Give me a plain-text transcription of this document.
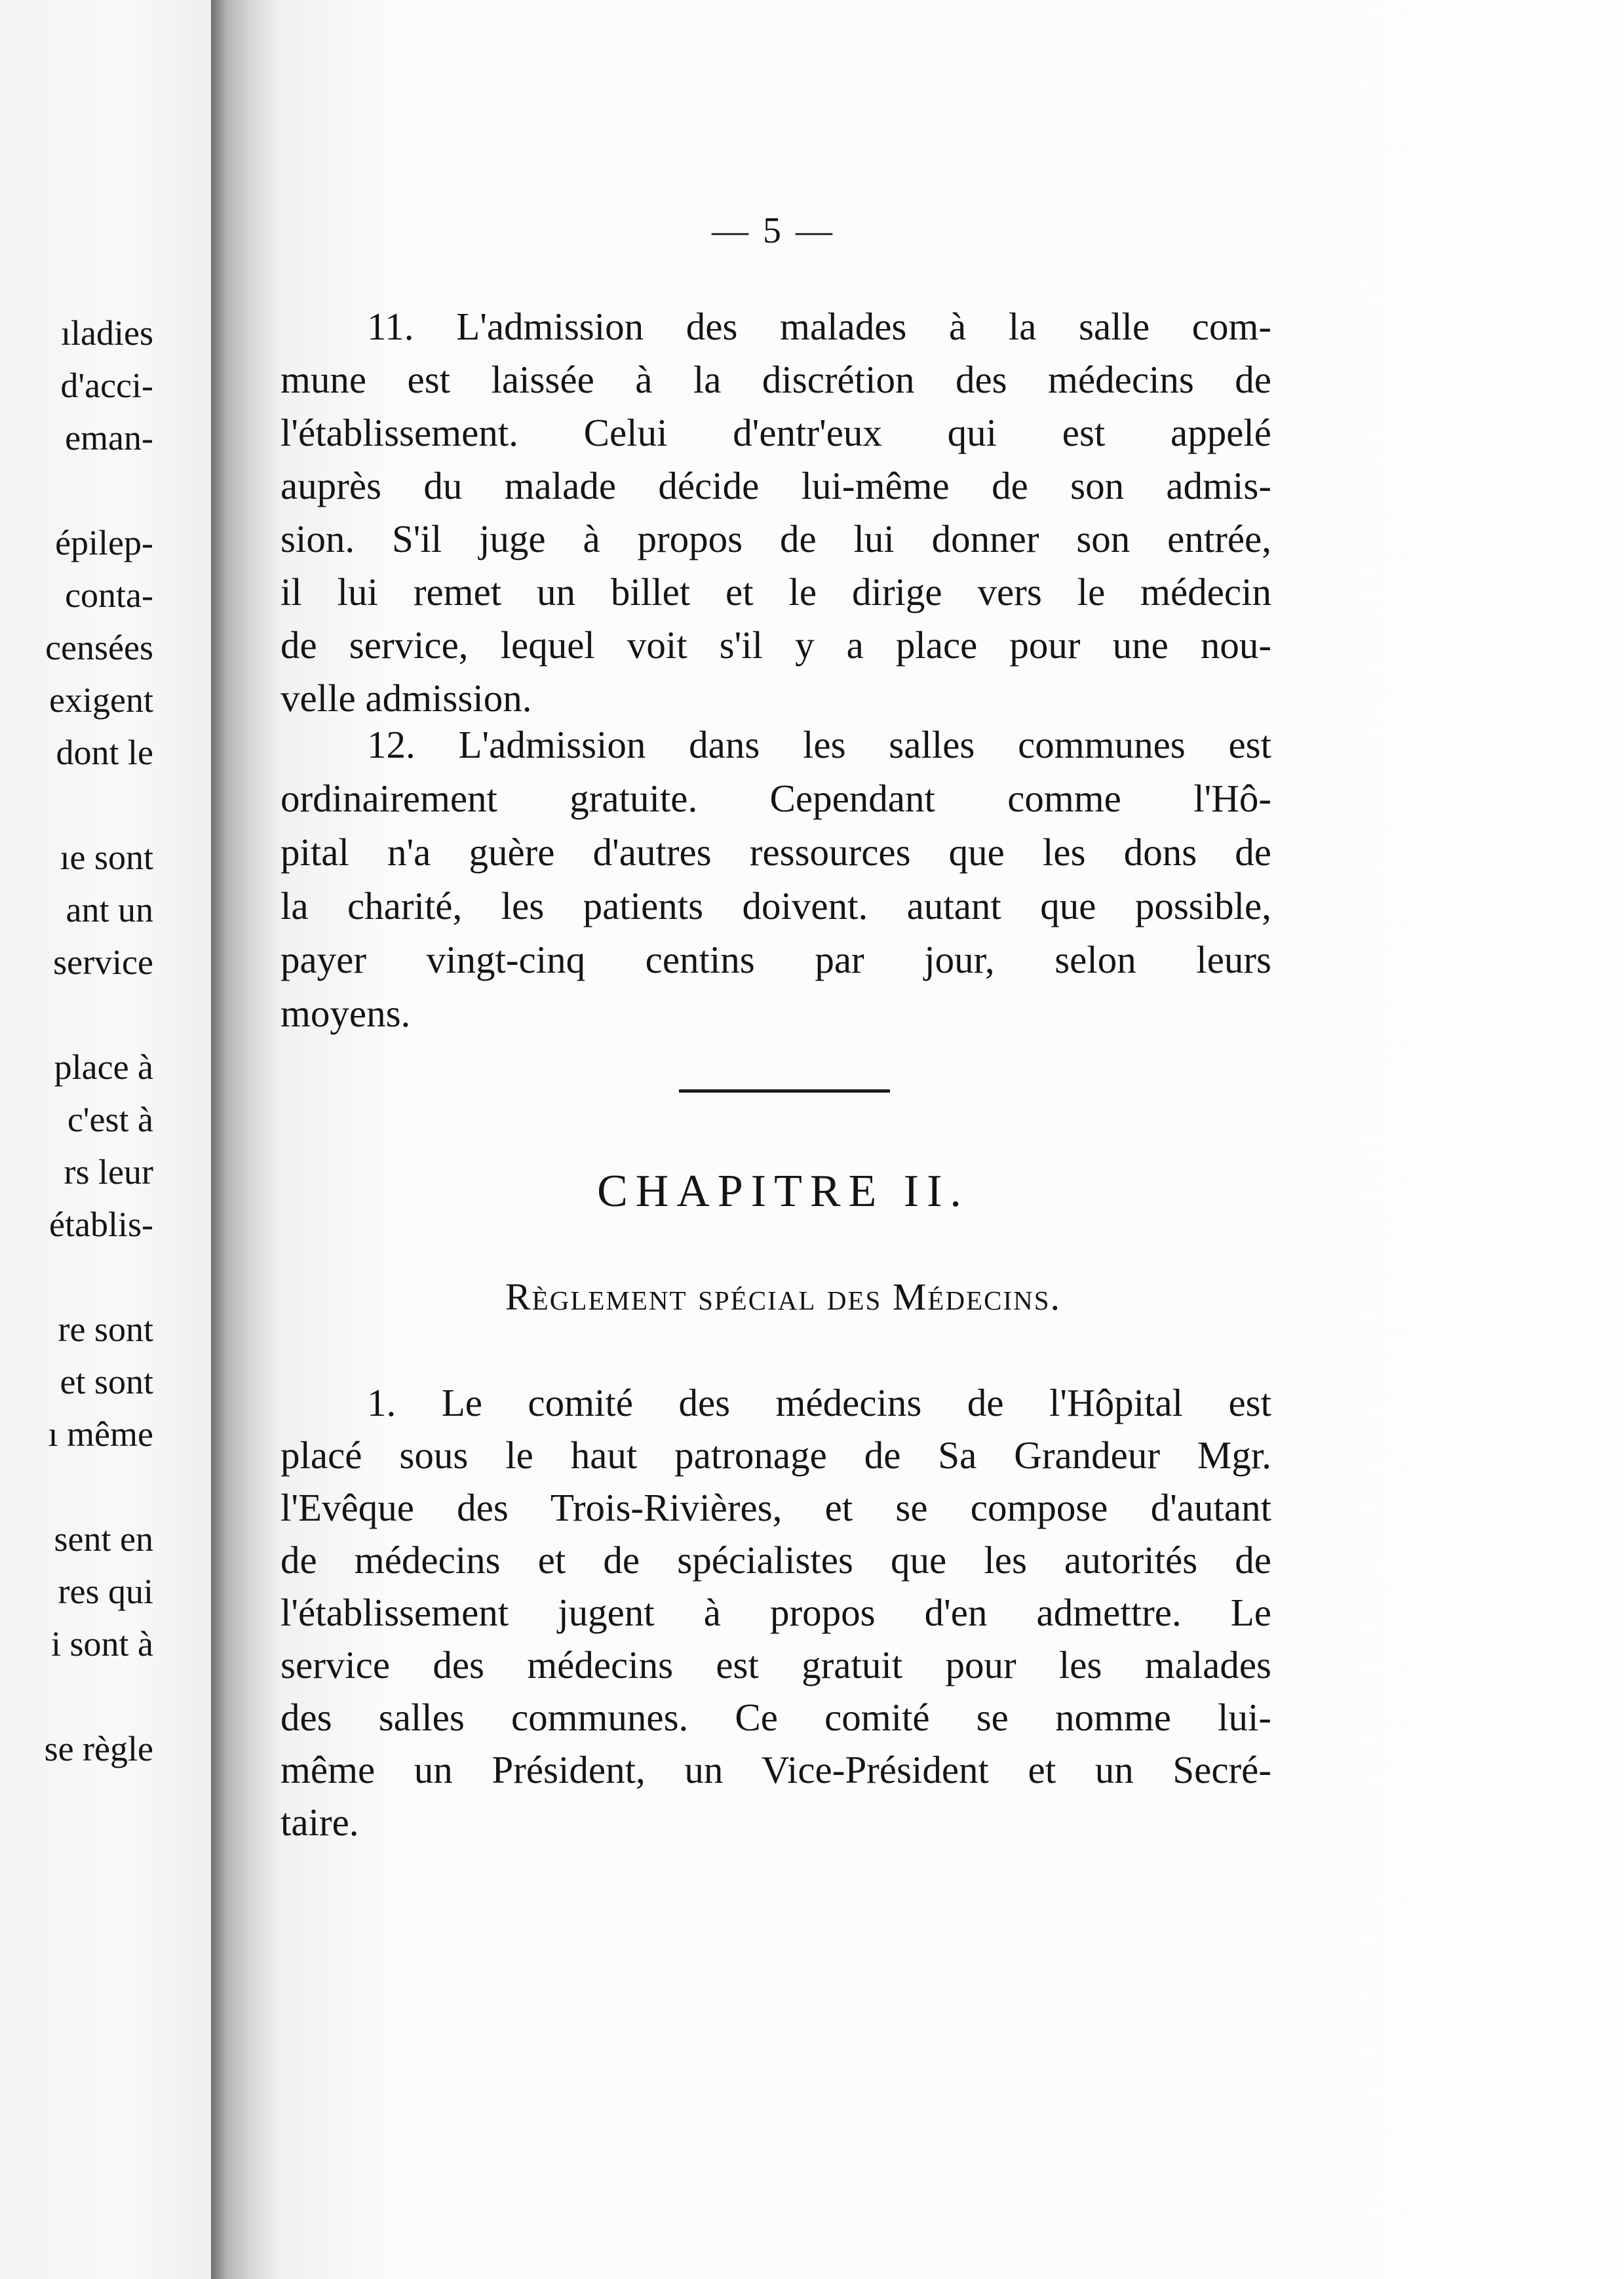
ıladies
d'acci-
eman-
épilep-
conta-
censées
exigent
dont le
ıe sont
ant un
service
place à
c'est à
rs leur
établis-
re sont
et sont
ı même
sent en
res qui
i sont à
se règle
— 5 —
11. L'admission des malades à la salle com-
mune est laissée à la discrétion des médecins de
l'établissement. Celui d'entr'eux qui est appelé
auprès du malade décide lui-même de son admis-
sion. S'il juge à propos de lui donner son entrée,
il lui remet un billet et le dirige vers le médecin
de service, lequel voit s'il y a place pour une nou-
velle admission.
12. L'admission dans les salles communes est
ordinairement gratuite. Cependant comme l'Hô-
pital n'a guère d'autres ressources que les dons de
la charité, les patients doivent. autant que possible,
payer vingt-cinq centins par jour, selon leurs
moyens.
CHAPITRE II.
Règlement spécial des Médecins.
1. Le comité des médecins de l'Hôpital est
placé sous le haut patronage de Sa Grandeur Mgr.
l'Evêque des Trois-Rivières, et se compose d'autant
de médecins et de spécialistes que les autorités de
l'établissement jugent à propos d'en admettre. Le
service des médecins est gratuit pour les malades
des salles communes. Ce comité se nomme lui-
même un Président, un Vice-Président et un Secré-
taire.
